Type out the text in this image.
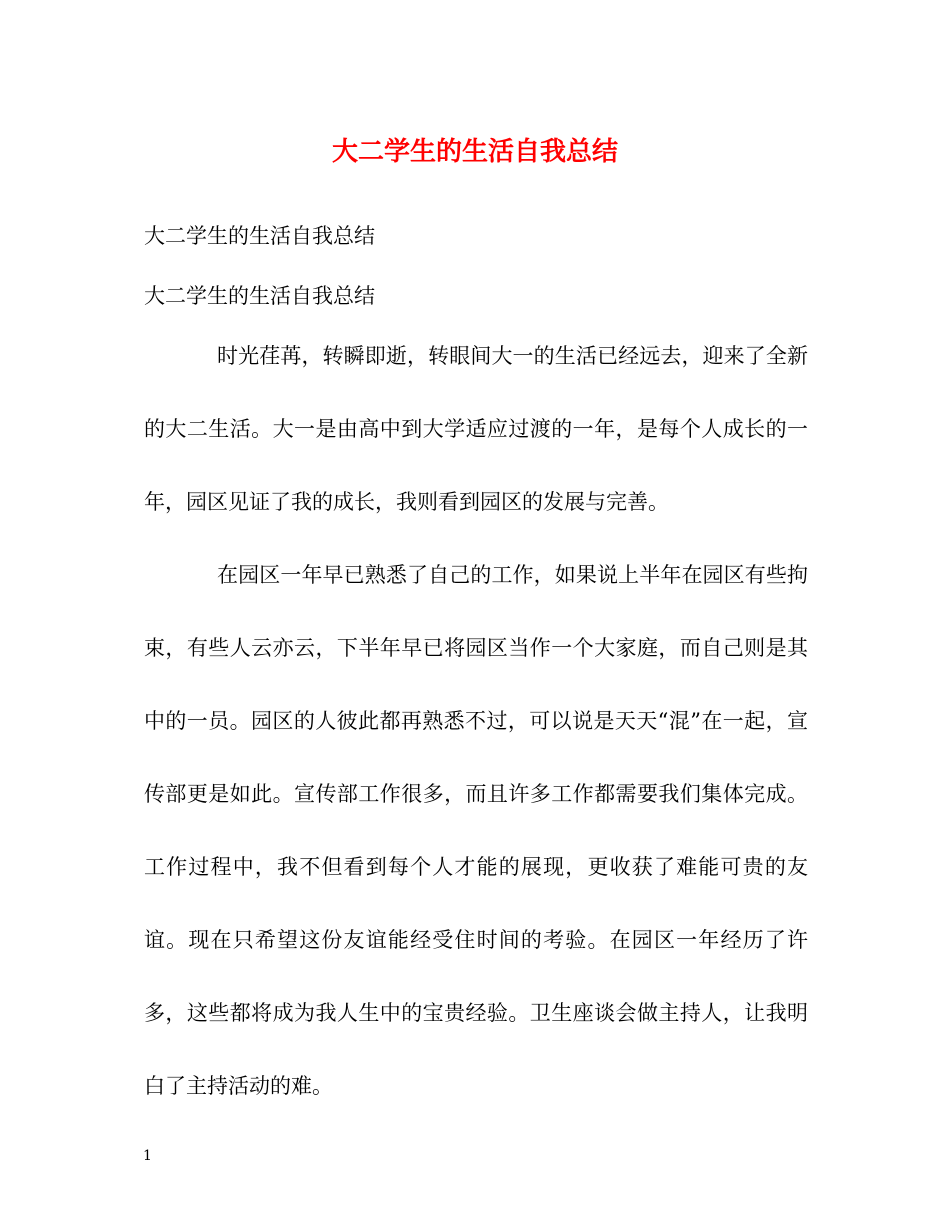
大二学生的生活自我总结
大二学生的生活自我总结
大二学生的生活自我总结

时光荏苒，转瞬即逝，转眼间大一的生活已经远去，迎来了全新的大二生活。大一是由高中到大学适应过渡的一年，是每个人成长的一年，园区见证了我的成长，我则看到园区的发展与完善。

在园区一年早已熟悉了自己的工作，如果说上半年在园区有些拘束，有些人云亦云，下半年早已将园区当作一个大家庭，而自己则是其中的一员。园区的人彼此都再熟悉不过，可以说是天天“混”在一起，宣传部更是如此。宣传部工作很多，而且许多工作都需要我们集体完成。工作过程中，我不但看到每个人才能的展现，更收获了难能可贵的友谊。现在只希望这份友谊能经受住时间的考验。在园区一年经历了许多，这些都将成为我人生中的宝贵经验。卫生座谈会做主持人，让我明白了主持活动的难。

1
